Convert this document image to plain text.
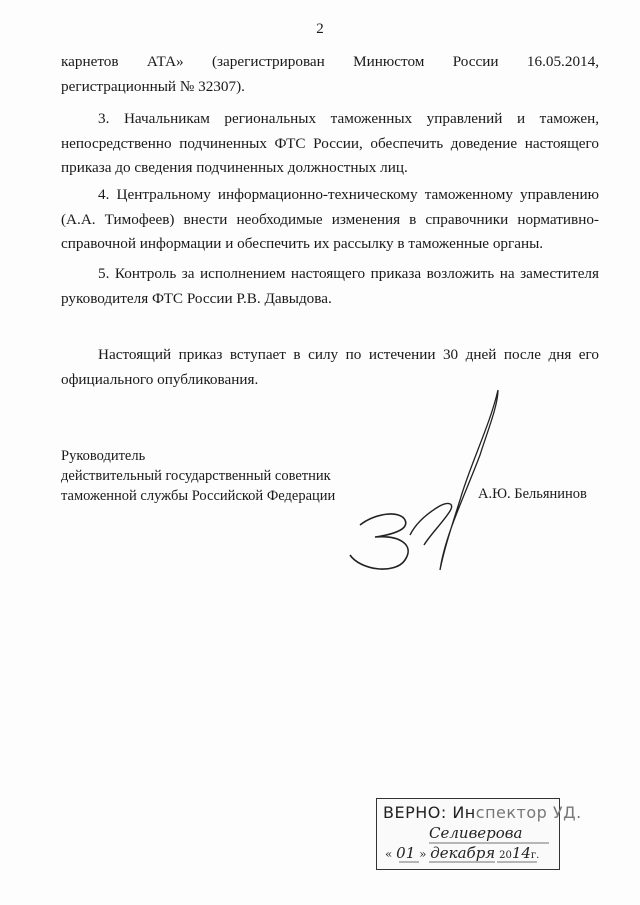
2
карнетов АТА» (зарегистрирован Минюстом России 16.05.2014,
регистрационный № 32307).

3. Начальникам региональных таможенных управлений и таможен, непосредственно подчиненных ФТС России, обеспечить доведение настоящего приказа до сведения подчиненных должностных лиц.

4. Центральному информационно-техническому таможенному управлению (А.А. Тимофеев) внести необходимые изменения в справочники нормативно-справочной информации и обеспечить их рассылку в таможенные органы.

5. Контроль за исполнением настоящего приказа возложить на заместителя руководителя ФТС России Р.В. Давыдова.

Настоящий приказ вступает в силу по истечении 30 дней после дня его официального опубликования.

Руководитель
действительный государственный советник
таможенной службы Российской Федерации	А.Ю. Бельянинов
ВЕРНО: Инспектор УД.
Селиверова
« 01 » декабря 2014г.
